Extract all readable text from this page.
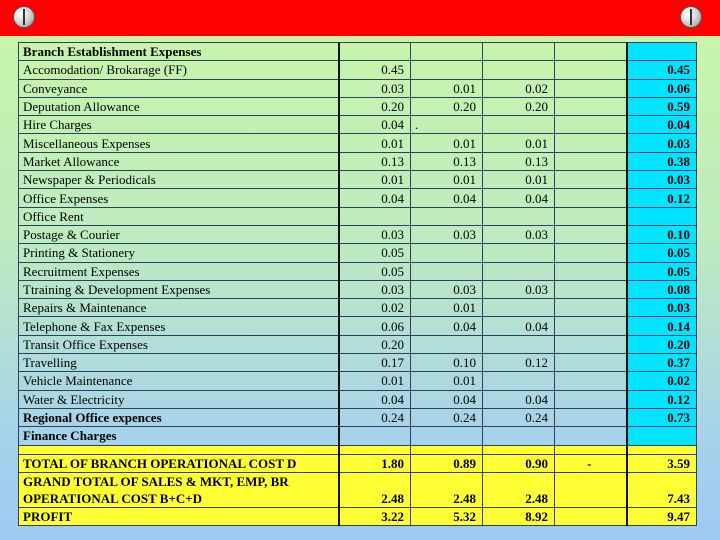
Branch Establishment Expenses					
Accomodation/ Brokarage (FF)	0.45				0.45
Conveyance	0.03	0.01	0.02		0.06
Deputation Allowance	0.20	0.20	0.20		0.59
Hire Charges	0.04	.			0.04
Miscellaneous Expenses	0.01	0.01	0.01		0.03
Market Allowance	0.13	0.13	0.13		0.38
Newspaper & Periodicals	0.01	0.01	0.01		0.03
Office Expenses	0.04	0.04	0.04		0.12
Office Rent					
Postage & Courier	0.03	0.03	0.03		0.10
Printing & Stationery	0.05				0.05
Recruitment Expenses	0.05				0.05
Ttraining & Development Expenses	0.03	0.03	0.03		0.08
Repairs & Maintenance	0.02	0.01			0.03
Telephone & Fax Expenses	0.06	0.04	0.04		0.14
Transit Office Expenses	0.20				0.20
Travelling	0.17	0.10	0.12		0.37
Vehicle Maintenance	0.01	0.01			0.02
Water & Electricity	0.04	0.04	0.04		0.12
Regional Office expences	0.24	0.24	0.24		0.73
Finance Charges					

TOTAL OF BRANCH OPERATIONAL COST D	1.80	0.89	0.90	-	3.59
GRAND TOTAL OF SALES & MKT, EMP, BR OPERATIONAL COST B+C+D	2.48	2.48	2.48		7.43
PROFIT	3.22	5.32	8.92		9.47
